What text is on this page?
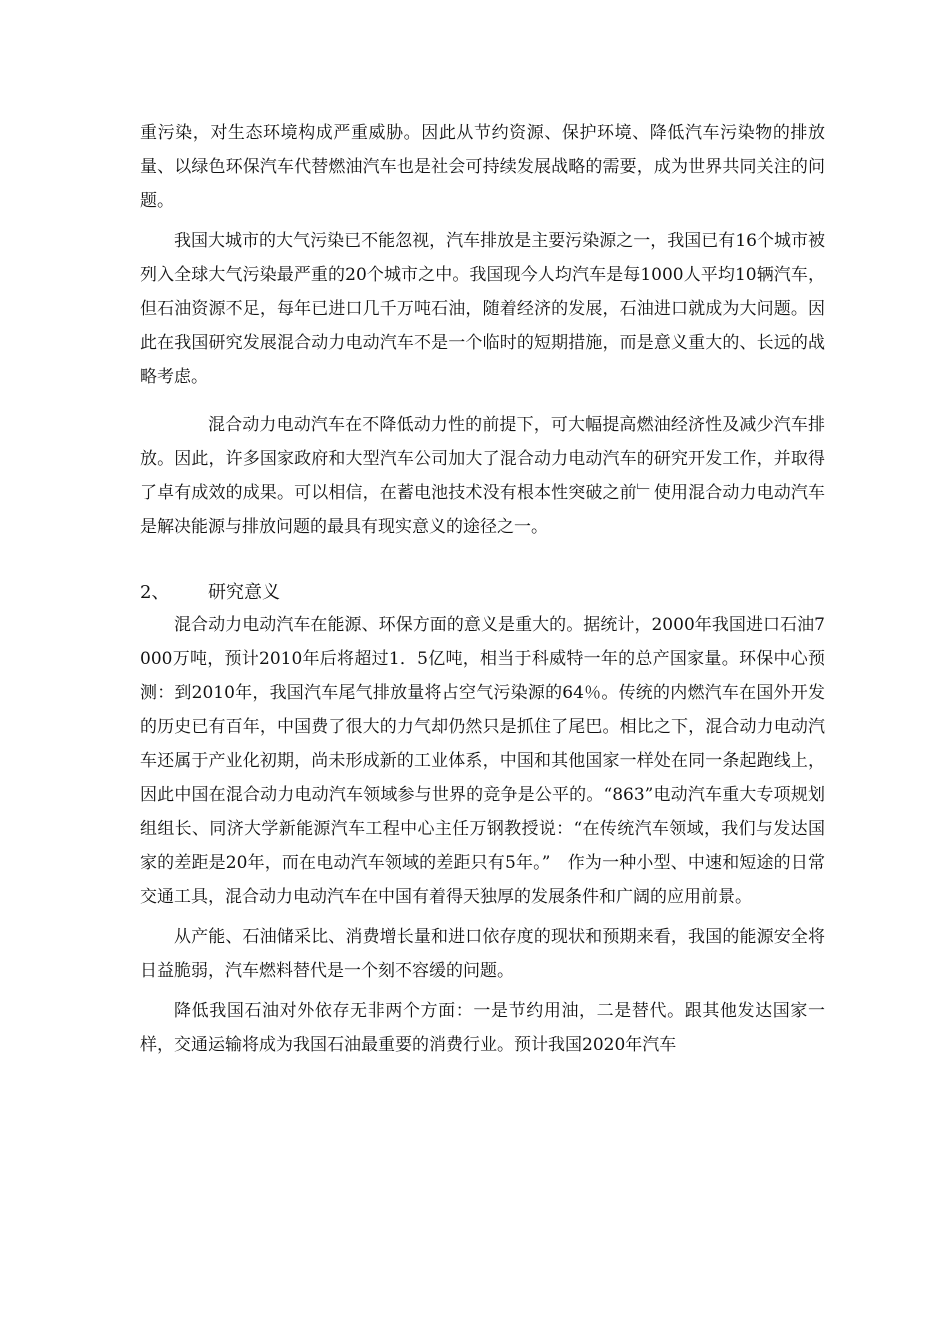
重污染，对生态环境构成严重威胁。因此从节约资源、保护环境、降低汽车污染物的排放量、以绿色环保汽车代替燃油汽车也是社会可持续发展战略的需要，成为世界共同关注的问题。

我国大城市的大气污染已不能忽视，汽车排放是主要污染源之一，我国已有16个城市被列入全球大气污染最严重的20个城市之中。我国现今人均汽车是每1000人平均10辆汽车，但石油资源不足，每年已进口几千万吨石油，随着经济的发展，石油进口就成为大问题。因此在我国研究发展混合动力电动汽车不是一个临时的短期措施，而是意义重大的、长远的战略考虑。

混合动力电动汽车在不降低动力性的前提下，可大幅提高燃油经济性及减少汽车排放。因此，许多国家政府和大型汽车公司加大了混合动力电动汽车的研究开发工作，并取得了卓有成效的成果。可以相信，在蓄电池技术没有根本性突破之前﹂使用混合动力电动汽车是解决能源与排放问题的最具有现实意义的途径之一。

2、	研究意义

混合动力电动汽车在能源、环保方面的意义是重大的。据统计，2000年我国进口石油7000万吨，预计2010年后将超过1．5亿吨，相当于科威特一年的总产国家量。环保中心预测：到2010年，我国汽车尾气排放量将占空气污染源的64％。传统的内燃汽车在国外开发的历史已有百年，中国费了很大的力气却仍然只是抓住了尾巴。相比之下，混合动力电动汽车还属于产业化初期，尚未形成新的工业体系，中国和其他国家一样处在同一条起跑线上，因此中国在混合动力电动汽车领域参与世界的竞争是公平的。“863”电动汽车重大专项规划组组长、同济大学新能源汽车工程中心主任万钢教授说：“在传统汽车领域，我们与发达国家的差距是20年，而在电动汽车领域的差距只有5年。”　作为一种小型、中速和短途的日常交通工具，混合动力电动汽车在中国有着得天独厚的发展条件和广阔的应用前景。

从产能、石油储采比、消费增长量和进口依存度的现状和预期来看，我国的能源安全将日益脆弱，汽车燃料替代是一个刻不容缓的问题。

降低我国石油对外依存无非两个方面：一是节约用油，二是替代。跟其他发达国家一样，交通运输将成为我国石油最重要的消费行业。预计我国2020年汽车
